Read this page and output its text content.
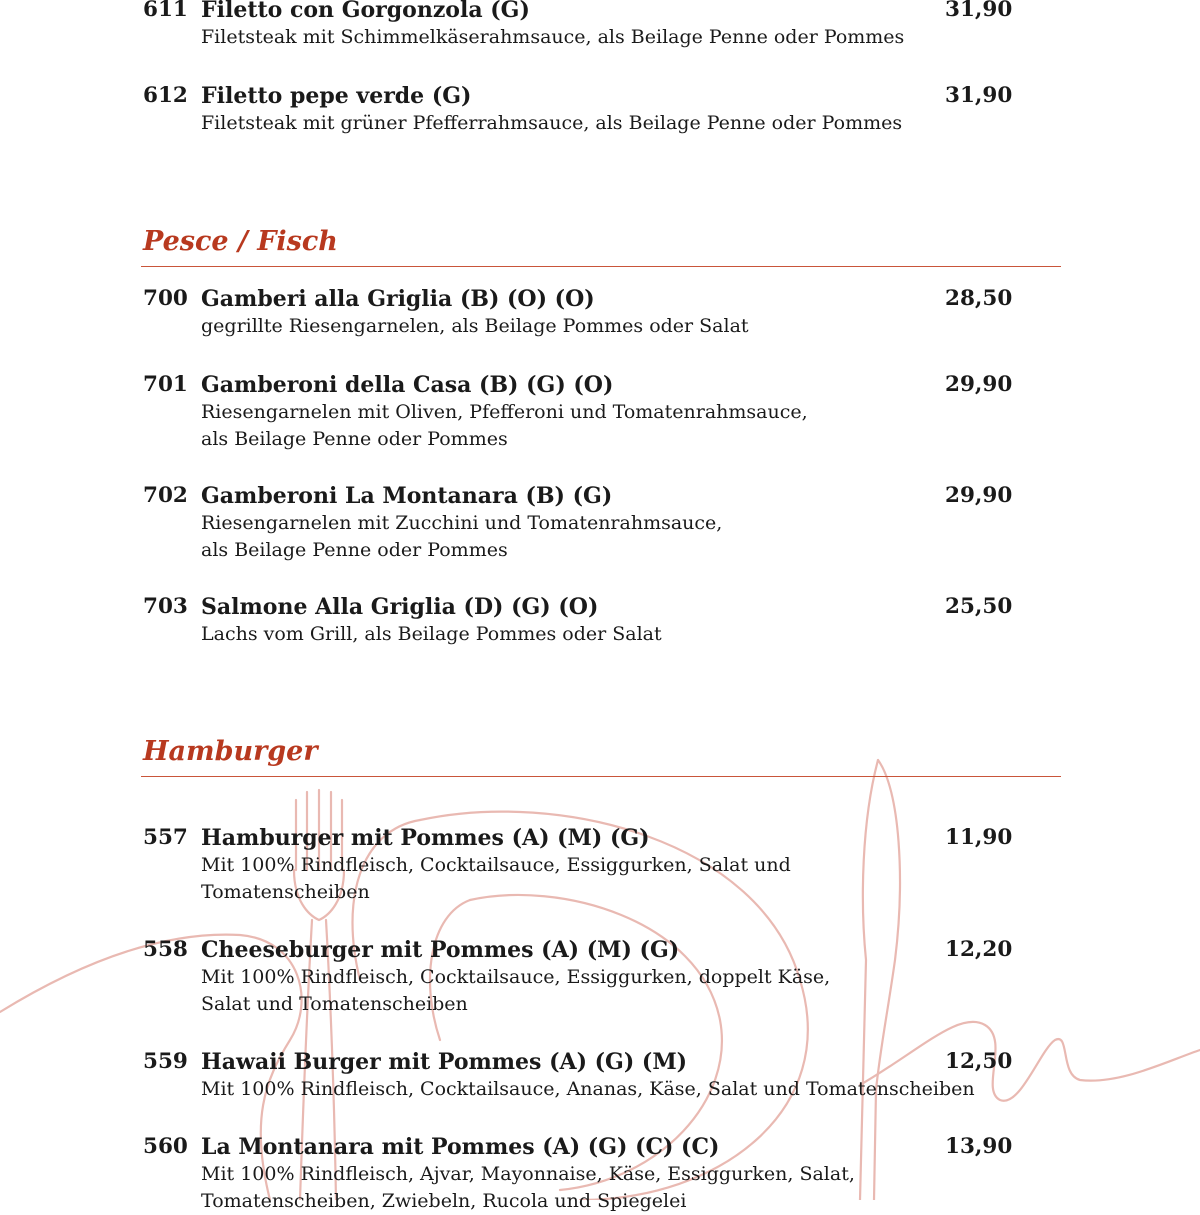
611 Filetto con Gorgonzola (G)	31,90
Filetsteak mit Schimmelkäserahmsauce, als Beilage Penne oder Pommes
612 Filetto pepe verde (G)	31,90
Filetsteak mit grüner Pfefferrahmsauce, als Beilage Penne oder Pommes
Pesce / Fisch
700 Gamberi alla Griglia (B) (O) (O)	28,50
gegrillte Riesengarnelen, als Beilage Pommes oder Salat
701 Gamberoni della Casa (B) (G) (O)	29,90
Riesengarnelen mit Oliven, Pfefferoni und Tomatenrahmsauce,
als Beilage Penne oder Pommes
702 Gamberoni La Montanara (B) (G)	29,90
Riesengarnelen mit Zucchini und Tomatenrahmsauce,
als Beilage Penne oder Pommes
703 Salmone Alla Griglia (D) (G) (O)	25,50
Lachs vom Grill, als Beilage Pommes oder Salat
Hamburger
557 Hamburger mit Pommes (A) (M) (G)	11,90
Mit 100% Rindfleisch, Cocktailsauce, Essiggurken, Salat und
Tomatenscheiben
558 Cheeseburger mit Pommes (A) (M) (G)	12,20
Mit 100% Rindfleisch, Cocktailsauce, Essiggurken, doppelt Käse,
Salat und Tomatenscheiben
559 Hawaii Burger mit Pommes (A) (G) (M)	12,50
Mit 100% Rindfleisch, Cocktailsauce, Ananas, Käse, Salat und Tomatenscheiben
560 La Montanara mit Pommes (A) (G) (C) (C)	13,90
Mit 100% Rindfleisch, Ajvar, Mayonnaise, Käse, Essiggurken, Salat,
Tomatenscheiben, Zwiebeln, Rucola und Spiegelei
